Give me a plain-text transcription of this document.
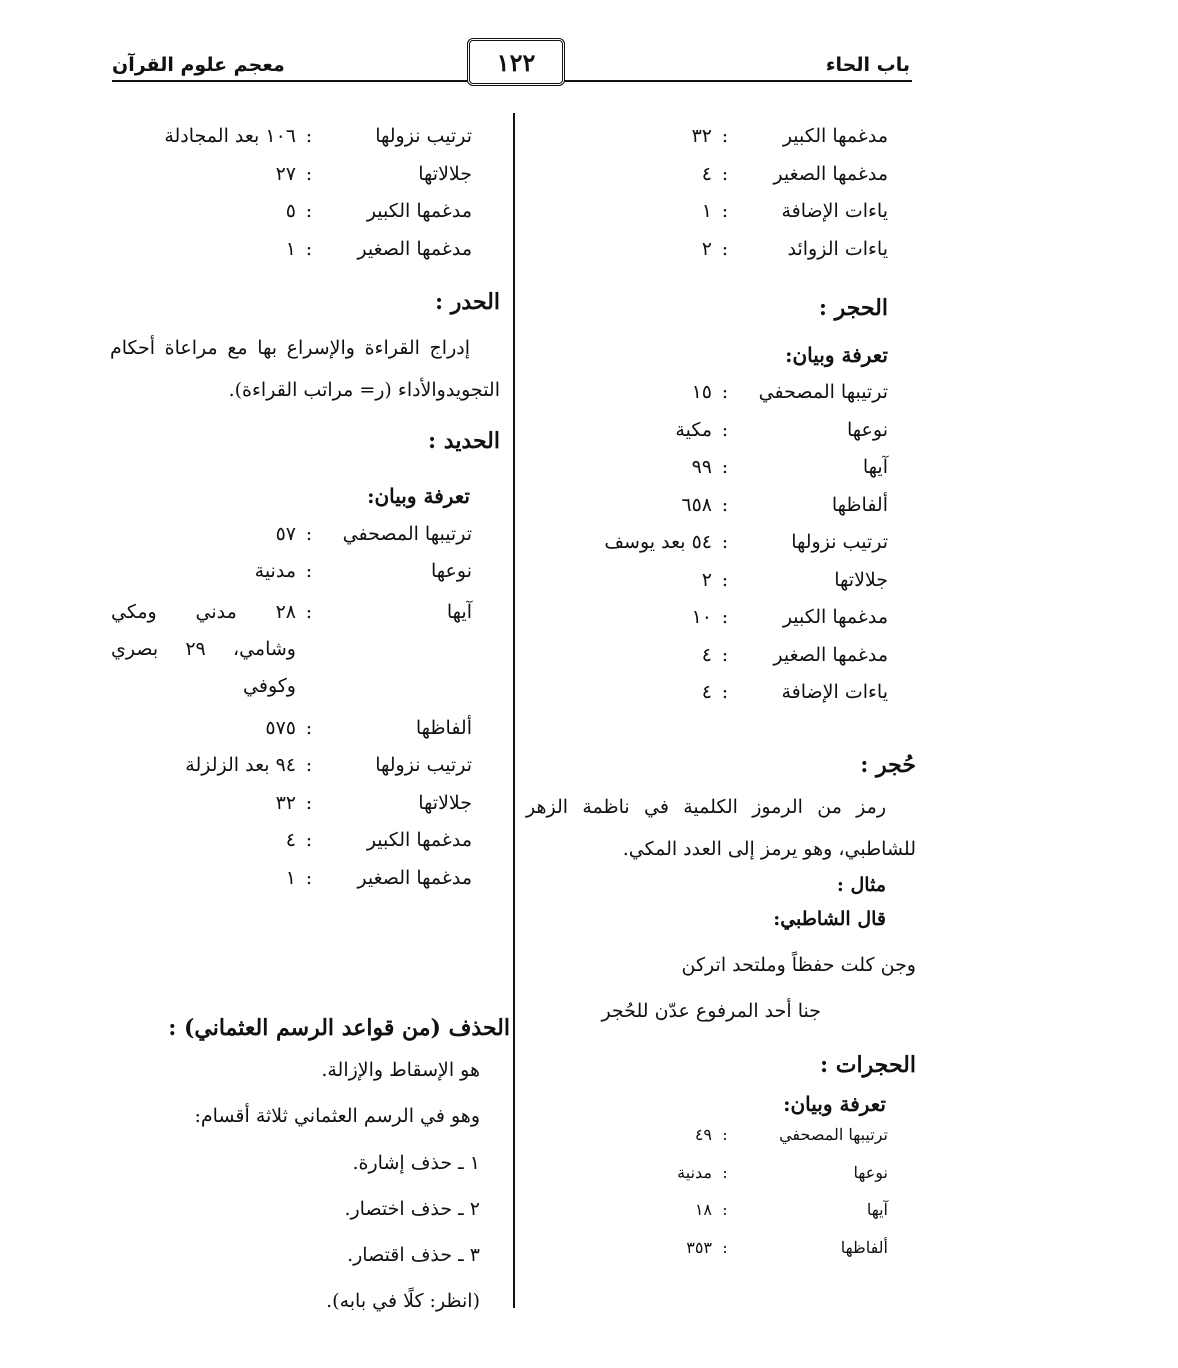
باب الحاء
معجم علوم القرآن	١٢٢
مدغمها الكبير
:
٣٢
مدغمها الصغير
:
٤
ياءات الإضافة
:
١
ياءات الزوائد
:
٢
الحجر :
تعرفة وبيان:
ترتيبها المصحفي
:
١٥
نوعها
:
مكية
آيها
:
٩٩
ألفاظها
:
٦٥٨
ترتيب نزولها
:
٥٤ بعد يوسف
جلالاتها
:
٢
مدغمها الكبير
:
١٠
مدغمها الصغير
:
٤
ياءات الإضافة
:
٤
حُجر :
رمز من الرموز الكلمية في ناظمة الزهر للشاطبي، وهو يرمز إلى العدد المكي.
مثال :
قال الشاطبي:
وجن كلت حفظاً وملتحد اتركن
جنا أحد المرفوع عدّن للحُجر
الحجرات :
تعرفة وبيان:
ترتيبها المصحفي
:
٤٩
نوعها
:
مدنية
آيها
:
١٨
ألفاظها
:
٣٥٣
ترتيب نزولها
:
١٠٦ بعد المجادلة
جلالاتها
:
٢٧
مدغمها الكبير
:
٥
مدغمها الصغير
:
١
الحدر :
إدراج القراءة والإسراع بها مع مراعاة أحكام التجويدوالأداء (ر= مراتب القراءة).
الحديد :
تعرفة وبيان:
ترتيبها المصحفي
:
٥٧
نوعها
:
مدنية
آيها
:
٢٨ مدني ومكي وشامي، ٢٩ بصري وكوفي
ألفاظها
:
٥٧٥
ترتيب نزولها
:
٩٤ بعد الزلزلة
جلالاتها
:
٣٢
مدغمها الكبير
:
٤
مدغمها الصغير
:
١
الحذف (من قواعد الرسم العثماني) :
هو الإسقاط والإزالة.
وهو في الرسم العثماني ثلاثة أقسام:
١ ـ حذف إشارة.
٢ ـ حذف اختصار.
٣ ـ حذف اقتصار.
(انظر: كلًا في بابه).
